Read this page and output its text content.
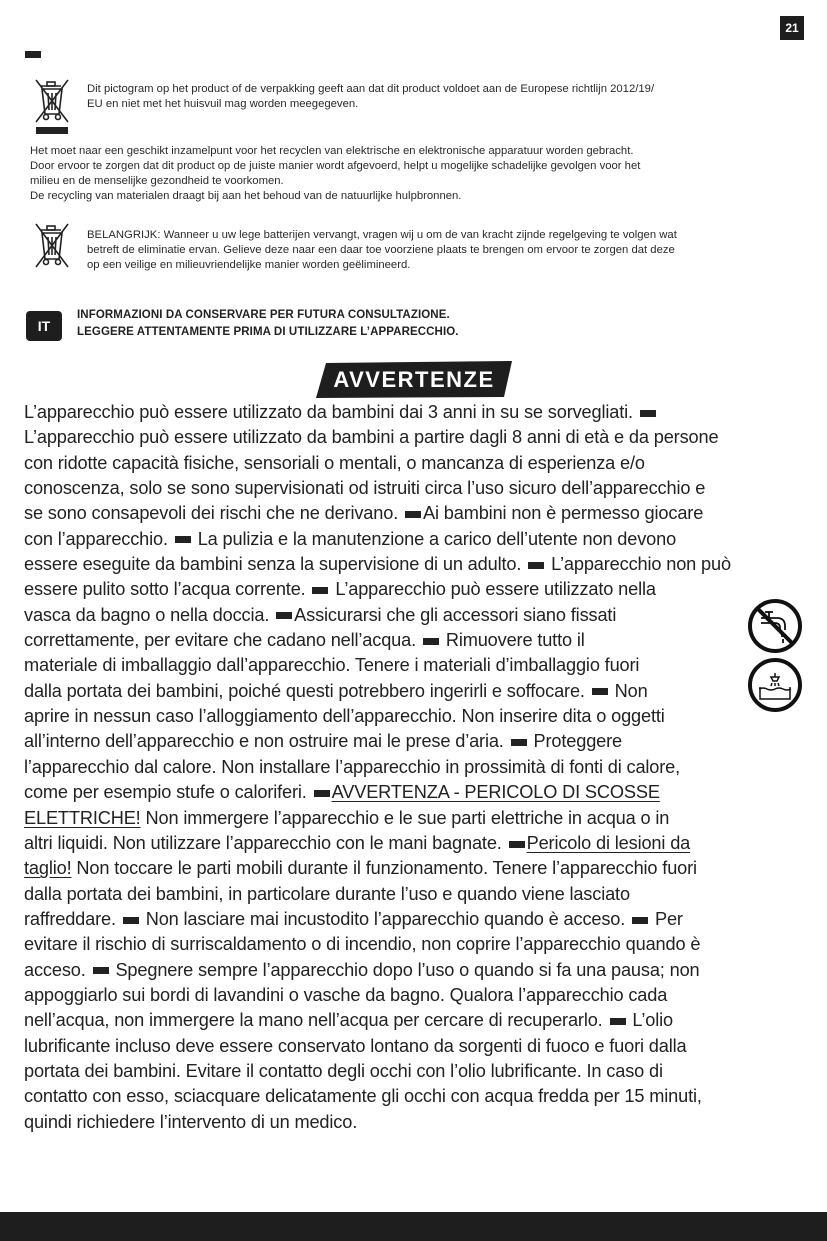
21
Dit pictogram op het product of de verpakking geeft aan dat dit product voldoet aan de Europese richtlijn 2012/19/
EU en niet met het huisvuil mag worden meegegeven.
Het moet naar een geschikt inzamelpunt voor het recyclen van elektrische en elektronische apparatuur worden gebracht.
Door ervoor te zorgen dat dit product op de juiste manier wordt afgevoerd, helpt u mogelijke schadelijke gevolgen voor het
milieu en de menselijke gezondheid te voorkomen.
De recycling van materialen draagt bij aan het behoud van de natuurlijke hulpbronnen.
BELANGRIJK: Wanneer u uw lege batterijen vervangt, vragen wij u om de van kracht zijnde regelgeving te volgen wat
betreft de eliminatie ervan. Gelieve deze naar een daar toe voorziene plaats te brengen om ervoor te zorgen dat deze
op een veilige en milieuvriendelijke manier worden geëlimineerd.
IT
INFORMAZIONI DA CONSERVARE PER FUTURA CONSULTAZIONE.
LEGGERE ATTENTAMENTE PRIMA DI UTILIZZARE L’APPARECCHIO.
AVVERTENZE

L’apparecchio può essere utilizzato da bambini dai 3 anni in su se sorvegliati.

L’apparecchio può essere utilizzato da bambini a partire dagli 8 anni di età e da persone

con ridotte capacità fisiche, sensoriali o mentali, o mancanza di esperienza e/o

conoscenza, solo se sono supervisionati od istruiti circa l’uso sicuro dell’apparecchio e

se sono consapevoli dei rischi che ne derivano. Ai bambini non è permesso giocare

con l’apparecchio. La pulizia e la manutenzione a carico dell’utente non devono

essere eseguite da bambini senza la supervisione di un adulto. L’apparecchio non può

essere pulito sotto l’acqua corrente. L’apparecchio può essere utilizzato nella

vasca da bagno o nella doccia. Assicurarsi che gli accessori siano fissati

correttamente, per evitare che cadano nell’acqua. Rimuovere tutto il

materiale di imballaggio dall’apparecchio. Tenere i materiali d’imballaggio fuori

dalla portata dei bambini, poiché questi potrebbero ingerirli e soffocare. Non

aprire in nessun caso l’alloggiamento dell’apparecchio. Non inserire dita o oggetti

all’interno dell’apparecchio e non ostruire mai le prese d’aria. Proteggere

l’apparecchio dal calore. Non installare l’apparecchio in prossimità di fonti di calore,

come per esempio stufe o caloriferi. AVVERTENZA - PERICOLO DI SCOSSE

ELETTRICHE! Non immergere l’apparecchio e le sue parti elettriche in acqua o in

altri liquidi. Non utilizzare l’apparecchio con le mani bagnate. Pericolo di lesioni da

taglio! Non toccare le parti mobili durante il funzionamento. Tenere l’apparecchio fuori

dalla portata dei bambini, in particolare durante l’uso e quando viene lasciato

raffreddare. Non lasciare mai incustodito l’apparecchio quando è acceso. Per

evitare il rischio di surriscaldamento o di incendio, non coprire l’apparecchio quando è

acceso. Spegnere sempre l’apparecchio dopo l’uso o quando si fa una pausa; non

appoggiarlo sui bordi di lavandini o vasche da bagno. Qualora l’apparecchio cada

nell’acqua, non immergere la mano nell’acqua per cercare di recuperarlo. L’olio

lubrificante incluso deve essere conservato lontano da sorgenti di fuoco e fuori dalla

portata dei bambini. Evitare il contatto degli occhi con l’olio lubrificante. In caso di

contatto con esso, sciacquare delicatamente gli occhi con acqua fredda per 15 minuti,

quindi richiedere l’intervento di un medico.
